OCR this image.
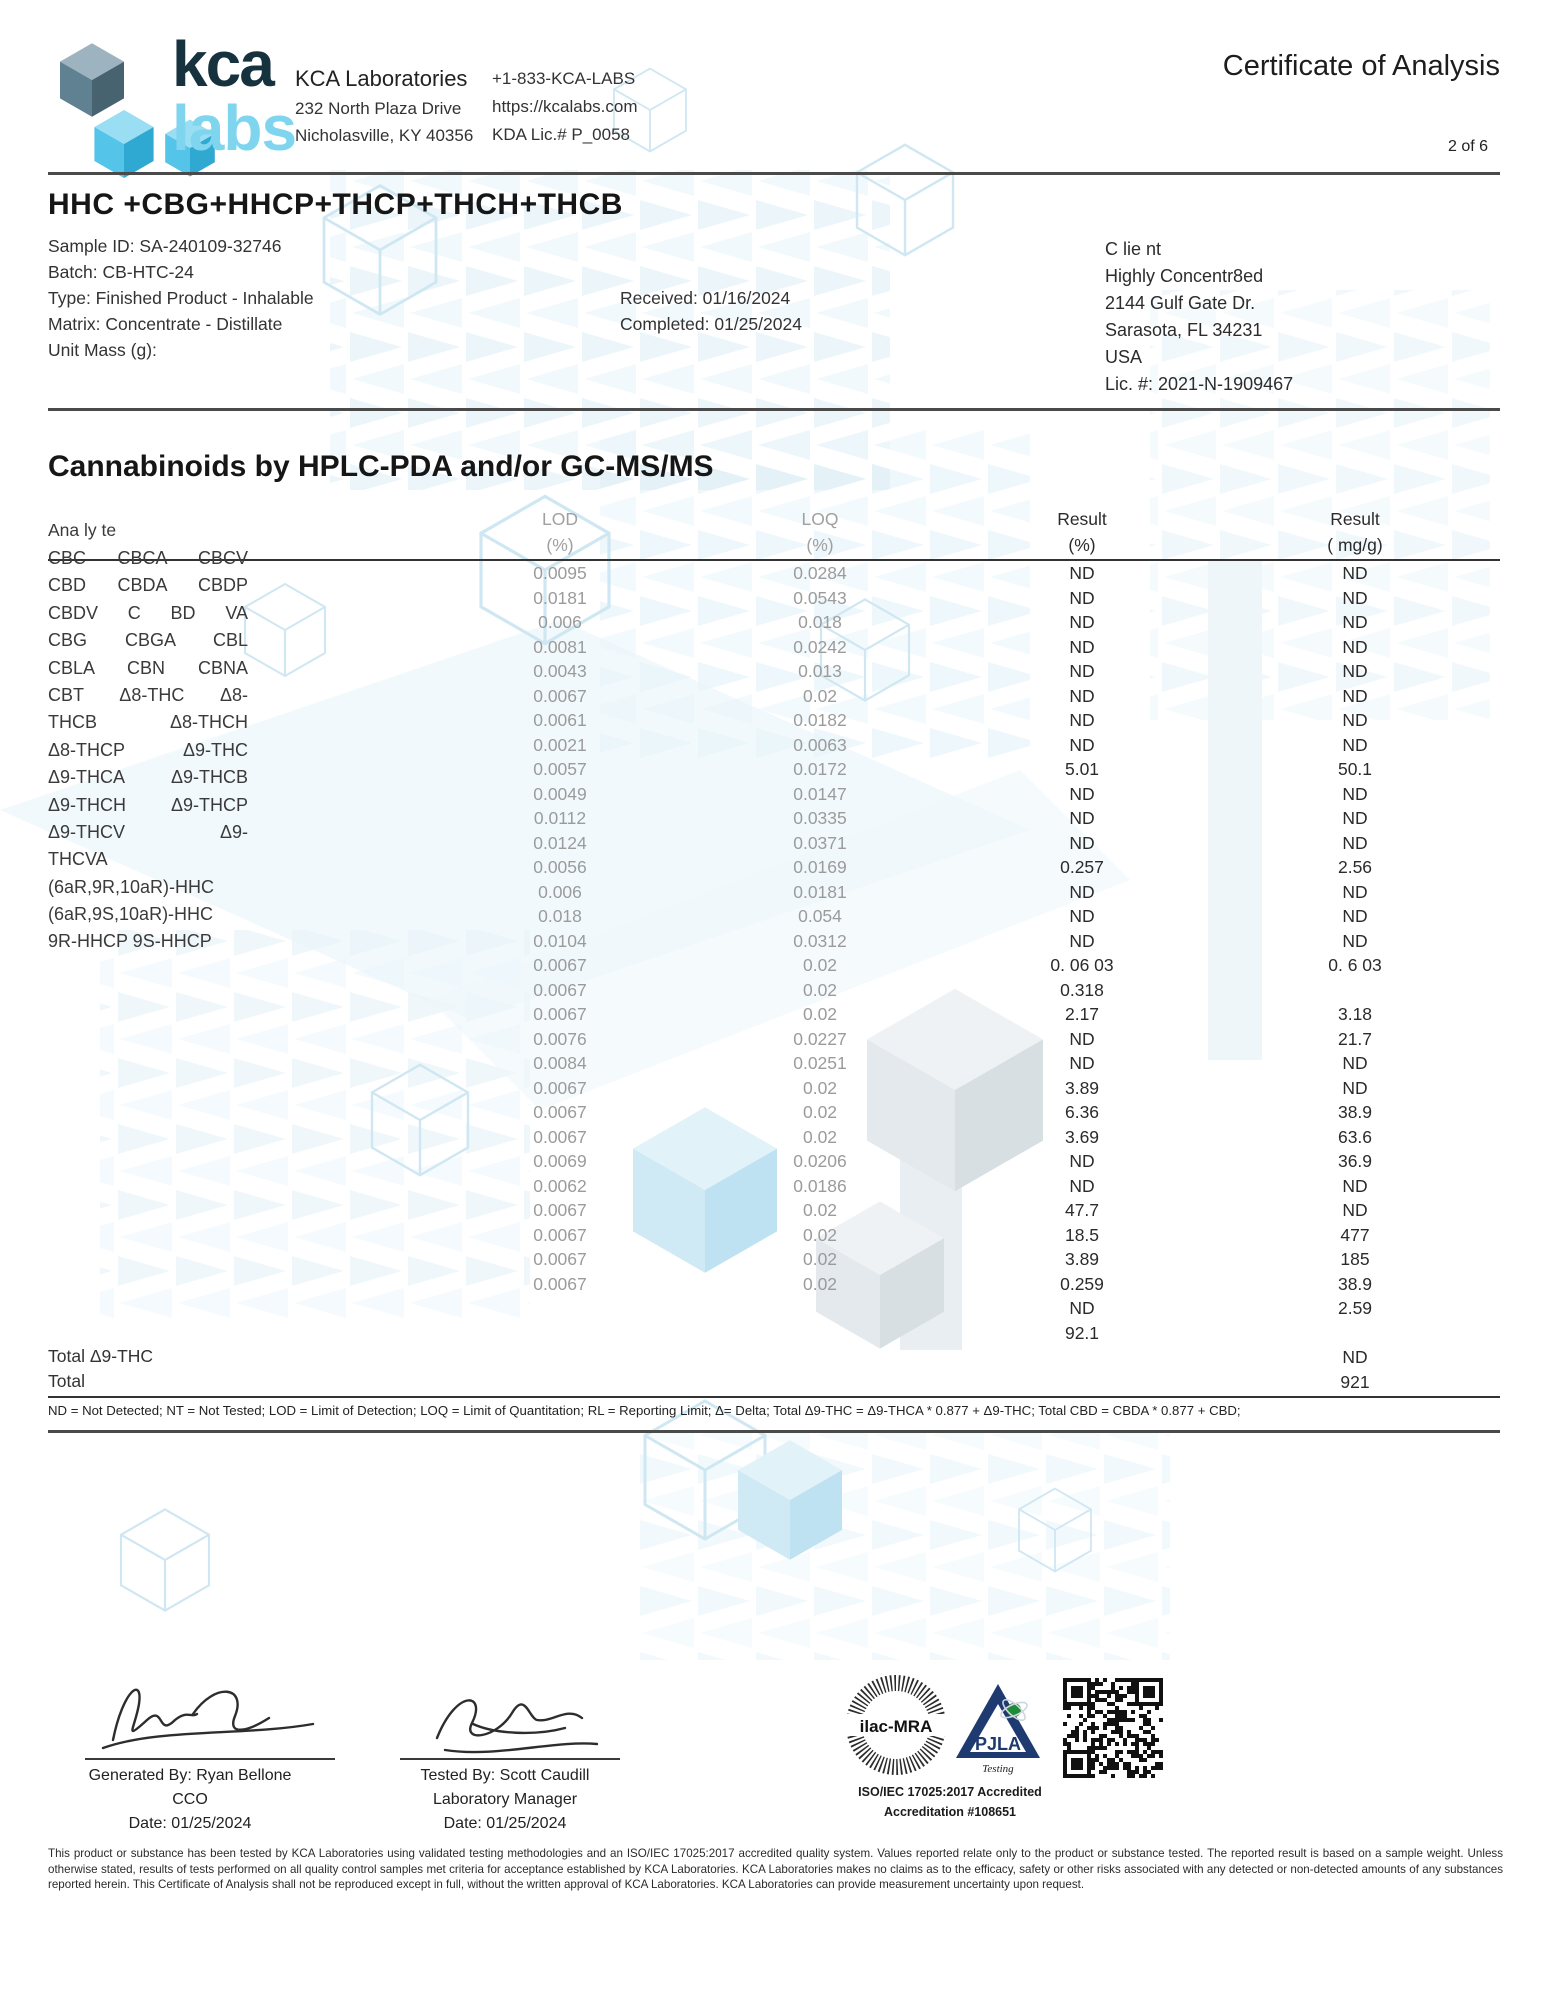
kca
labs
KCA Laboratories
232 North Plaza Drive
Nicholasville, KY 40356
+1-833-KCA-LABS
https://kcalabs.com
KDA Lic.# P_0058
Certificate of Analysis
2 of 6
HHC +CBG+HHCP+THCP+THCH+THCB
Sample ID: SA-240109-32746
Batch: CB-HTC-24
Type: Finished Product - Inhalable
Matrix: Concentrate - Distillate
Unit Mass (g):
Received: 01/16/2024
Completed: 01/25/2024
C lie nt
Highly Concentr8ed
2144 Gulf Gate Dr.
Sarasota, FL 34231
USA
Lic. #: 2021-N-1909467
Cannabinoids by HPLC-PDA and/or GC-MS/MS
Ana ly te
LOD
(%)
LOQ
(%)
Result
(%)
Result
( mg/g)
CBC CBCA CBCV
CBD CBDA CBDP
CBDV C BD VA
CBG CBGA CBL
CBLA CBN CBNA
CBT Δ8-THC Δ8-
THCB Δ8-THCH
Δ8-THCP Δ9-THC
Δ9-THCA Δ9-THCB
Δ9-THCH Δ9-THCP
Δ9-THCV Δ9-
THCVA
(6aR,9R,10aR)-HHC
(6aR,9S,10aR)-HHC
9R-HHCP 9S-HHCP
0.0095
0.0181
0.006
0.0081
0.0043
0.0067
0.0061
0.0021
0.0057
0.0049
0.0112
0.0124
0.0056
0.006
0.018
0.0104
0.0067
0.0067
0.0067
0.0076
0.0084
0.0067
0.0067
0.0067
0.0069
0.0062
0.0067
0.0067
0.0067
0.0067
0.0284
0.0543
0.018
0.0242
0.013
0.02
0.0182
0.0063
0.0172
0.0147
0.0335
0.0371
0.0169
0.0181
0.054
0.0312
0.02
0.02
0.02
0.0227
0.0251
0.02
0.02
0.02
0.0206
0.0186
0.02
0.02
0.02
0.02
ND
ND
ND
ND
ND
ND
ND
ND
5.01
ND
ND
ND
0.257
ND
ND
ND
0. 06 03
0.318
2.17
ND
ND
3.89
6.36
3.69
ND
ND
47.7
18.5
3.89
0.259
ND
92.1
ND
ND
ND
ND
ND
ND
ND
ND
50.1
ND
ND
ND
2.56
ND
ND
ND
0. 6 03
3.18
21.7
ND
ND
38.9
63.6
36.9
ND
ND
477
185
38.9
2.59
ND
921
Total Δ9-THC
Total
ND = Not Detected; NT = Not Tested; LOD = Limit of Detection; LOQ = Limit of Quantitation; RL = Reporting Limit; Δ= Delta; Total Δ9-THC = Δ9-THCA * 0.877 + Δ9-THC; Total CBD = CBDA * 0.877 + CBD;
Generated By: Ryan Bellone
CCO
Date: 01/25/2024
Tested By: Scott Caudill
Laboratory Manager
Date: 01/25/2024
ilac-MRA
PJLA
Testing
ISO/IEC 17025:2017 Accredited
Accreditation #108651
This product or substance has been tested by KCA Laboratories using validated testing methodologies and an ISO/IEC 17025:2017 accredited quality system. Values reported relate only to the product or substance tested. The reported result is based on a sample weight. Unless otherwise stated, results of tests performed on all quality control samples met criteria for acceptance established by KCA Laboratories. KCA Laboratories makes no claims as to the efficacy, safety or other risks associated with any detected or non-detected amounts of any substances reported herein. This Certificate of Analysis shall not be reproduced except in full, without the written approval of KCA Laboratories. KCA Laboratories can provide measurement uncertainty upon request.
